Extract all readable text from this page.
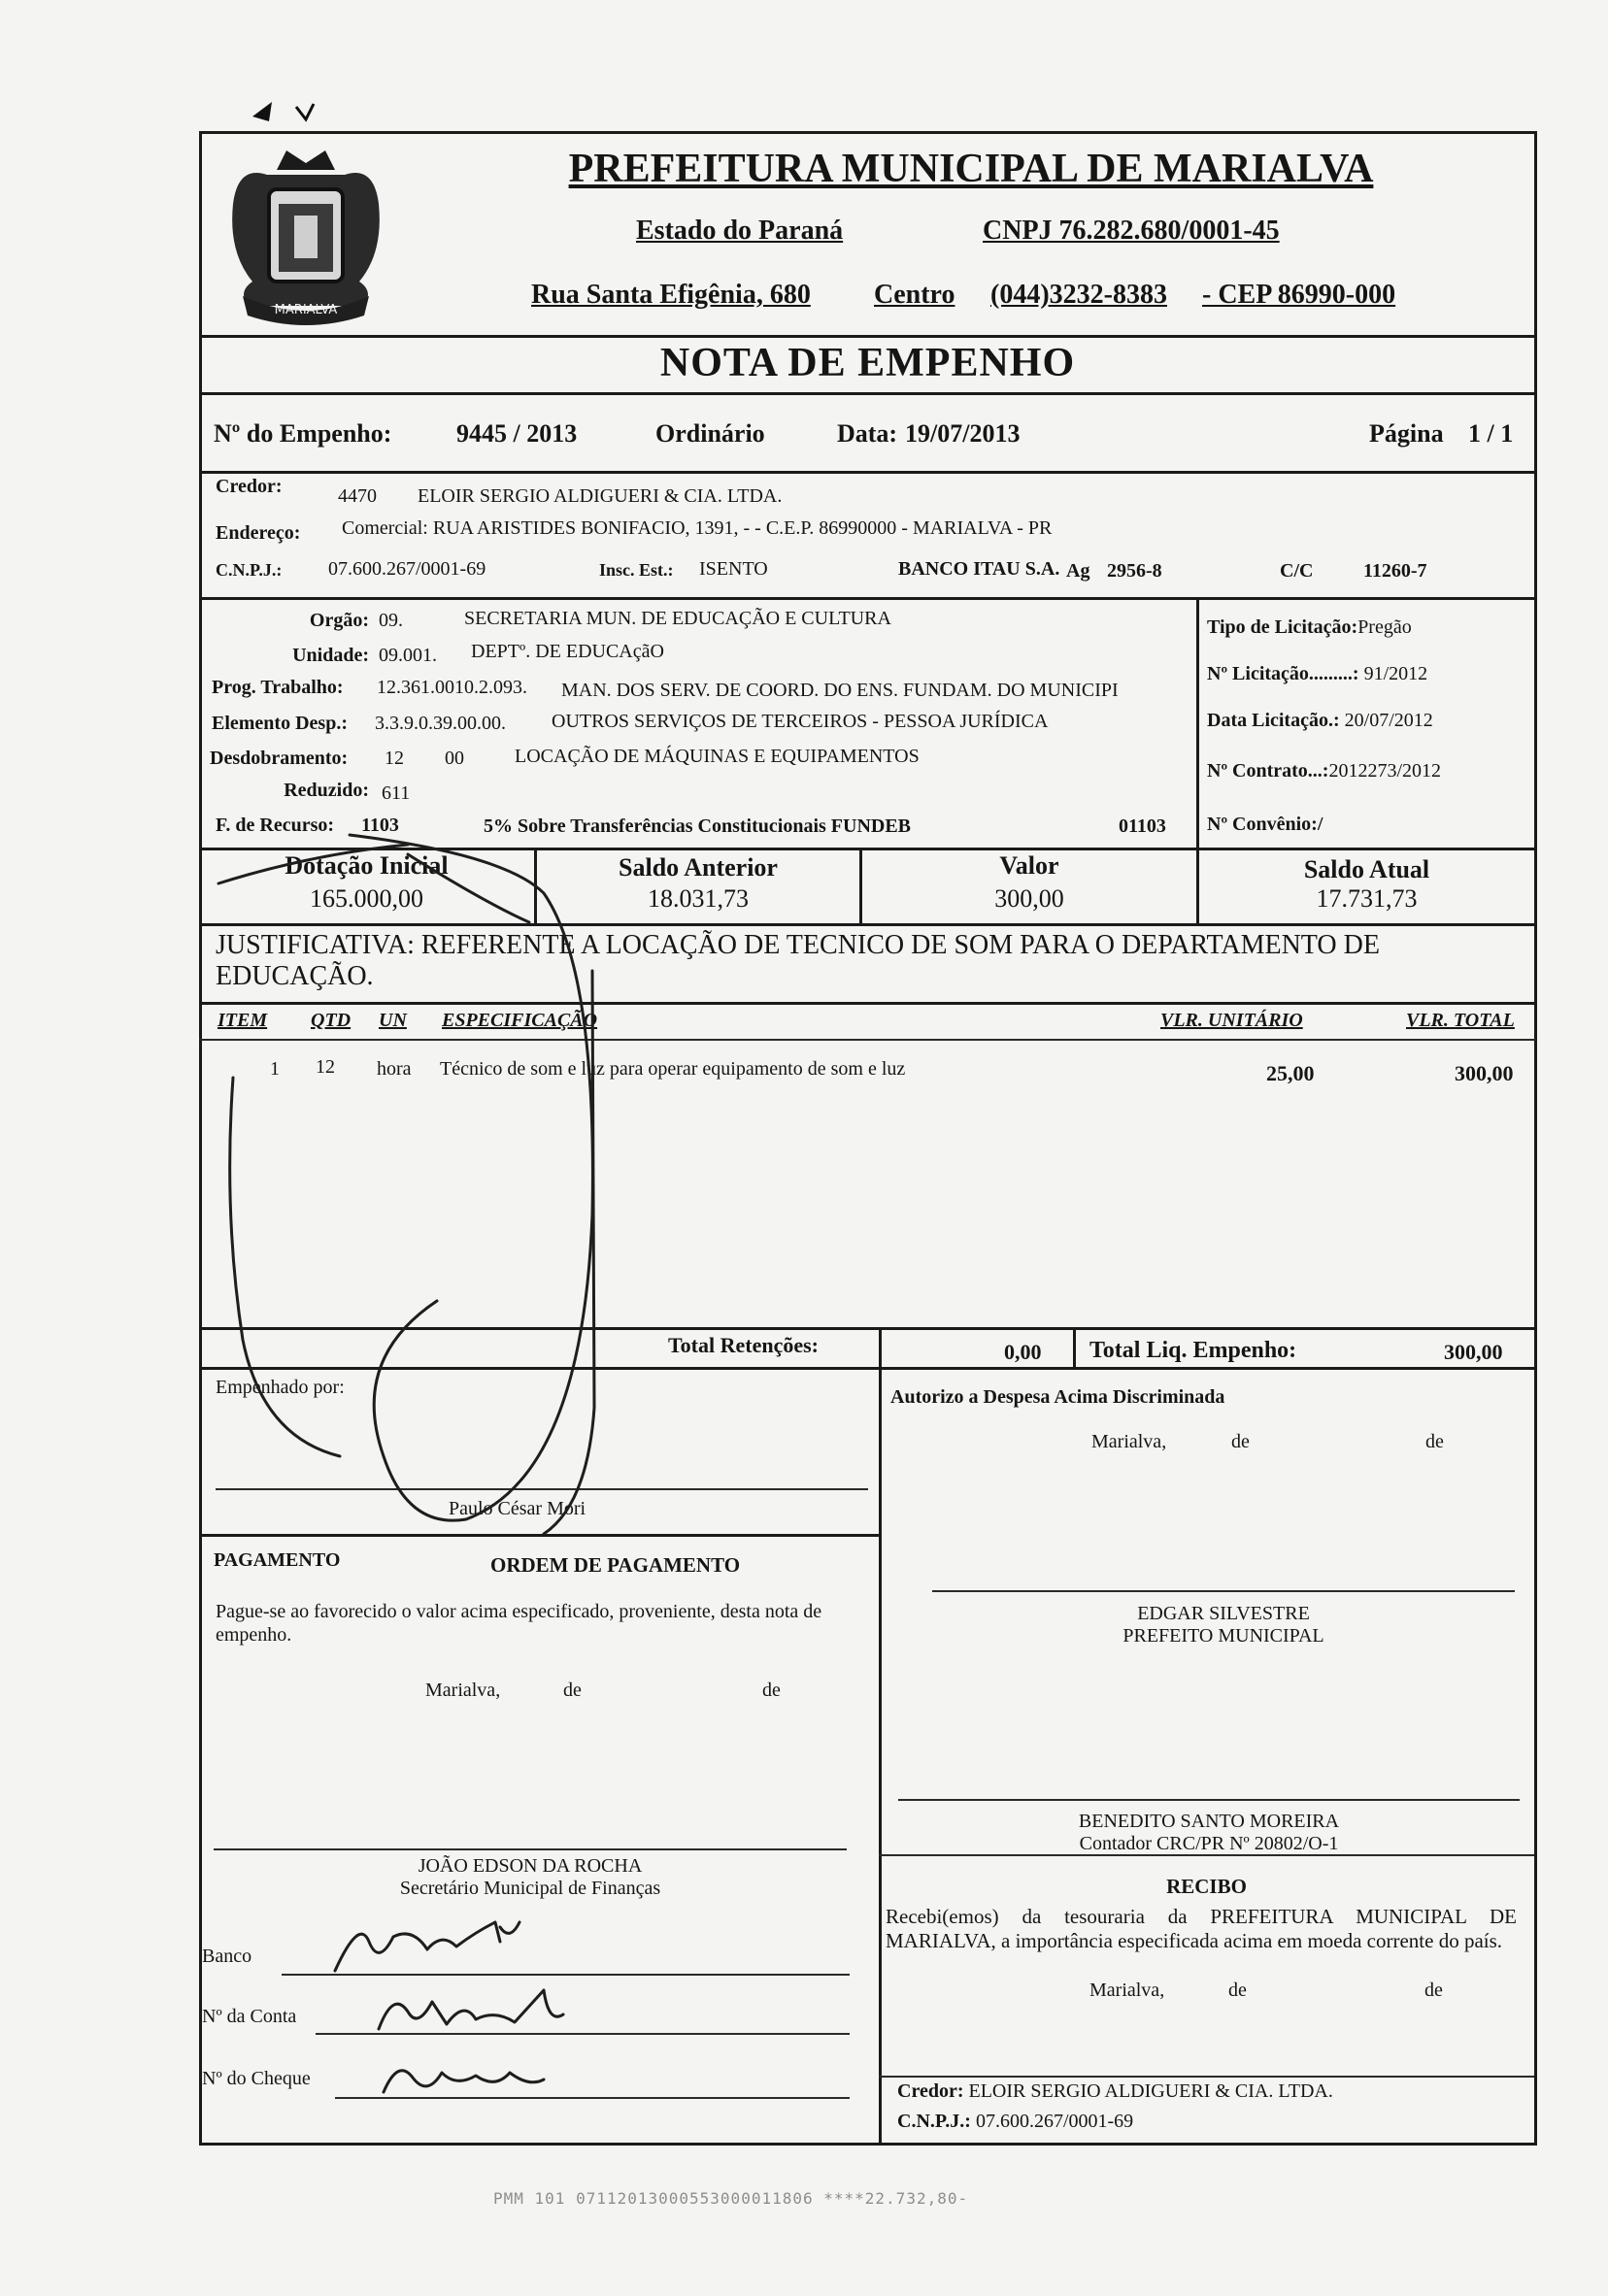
MARIALVA
PREFEITURA MUNICIPAL DE MARIALVA
Estado do Paraná	CNPJ 76.282.680/0001-45
Rua Santa Efigênia, 680 Centro (044)3232-8383 - CEP 86990-000
NOTA DE EMPENHO
Nº do Empenho:	9445 / 2013	Ordinário	Data: 19/07/2013	Página 1 / 1
Credor:	4470 ELOIR SERGIO ALDIGUERI & CIA. LTDA.
Endereço: Comercial: RUA ARISTIDES BONIFACIO, 1391, - - C.E.P. 86990000 - MARIALVA - PR
C.N.P.J.: 07.600.267/0001-69	Insc. Est.: ISENTO	BANCO ITAU S.A. Ag 2956-8	C/C	11260-7
Orgão: 09.	SECRETARIA MUN. DE EDUCAÇÃO E CULTURA
Unidade: 09.001. DEPTº. DE EDUCAçãO
Prog. Trabalho: 12.361.0010.2.093. MAN. DOS SERV. DE COORD. DO ENS. FUNDAM. DO MUNICIPI
Elemento Desp.: 3.3.9.0.39.00.00. OUTROS SERVIÇOS DE TERCEIROS - PESSOA JURÍDICA
Desdobramento: 12 00	LOCAÇÃO DE MÁQUINAS E EQUIPAMENTOS
Reduzido: 611
F. de Recurso: 1103	5% Sobre Transferências Constitucionais FUNDEB	01103
Tipo de Licitação:Pregão
Nº Licitação.........: 91/2012
Data Licitação.: 20/07/2012
Nº Contrato...:2012273/2012
Nº Convênio:/
Dotação Inicial
165.000,00
Saldo Anterior
18.031,73
Valor
300,00
Saldo Atual
17.731,73
JUSTIFICATIVA: REFERENTE A LOCAÇÃO DE TECNICO DE SOM PARA O DEPARTAMENTO DE
EDUCAÇÃO.
ITEM QTD UN ESPECIFICAÇÃO	VLR. UNITÁRIO	VLR. TOTAL
1 12 hora Técnico de som e luz para operar equipamento de som e luz	25,00	300,00
Total Retenções:	0,00 Total Liq. Empenho:	300,00
Empenhado por:
Paulo César Mori
Autorizo a Despesa Acima Discriminada
Marialva,	de	de
EDGAR SILVESTRE
PREFEITO MUNICIPAL
PAGAMENTO	ORDEM DE PAGAMENTO
Pague-se ao favorecido o valor acima especificado, proveniente, desta nota de empenho.
Marialva,	de	de
BENEDITO SANTO MOREIRA
Contador CRC/PR Nº 20802/O-1
JOÃO EDSON DA ROCHA
Secretário Municipal de Finanças
Banco
Nº da Conta
Nº do Cheque
RECIBO
Recebi(emos) da tesouraria da PREFEITURA MUNICIPAL DE MARIALVA, a importância especificada acima em moeda corrente do país.
Marialva,	de	de
Credor: ELOIR SERGIO ALDIGUERI & CIA. LTDA.
C.N.P.J.: 07.600.267/0001-69
PMM 101 07112013000553000011806 ****22.732,80-
